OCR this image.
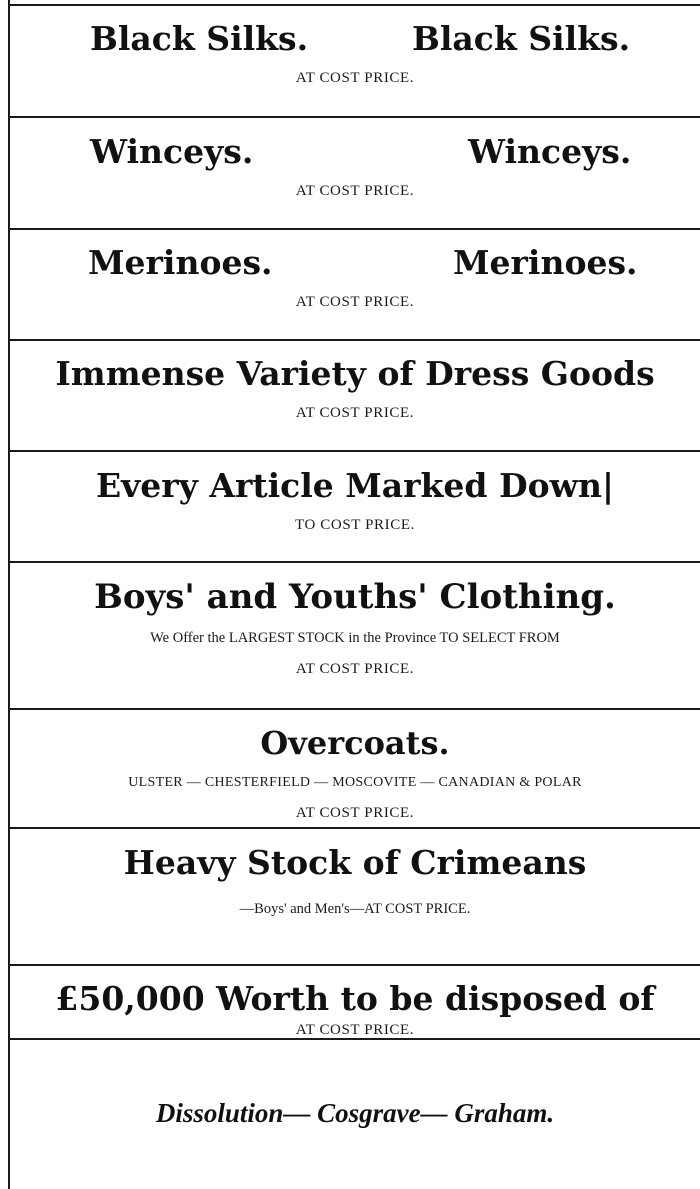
Black Silks.	Black Silks.
AT COST PRICE.
Winceys.	Winceys.
AT COST PRICE.
Merinoes.	Merinoes.
AT COST PRICE.
Immense Variety of Dress Goods
AT COST PRICE.
Every Article Marked Down|
TO COST PRICE.
Boys' and Youths' Clothing.
We Offer the LARGEST STOCK in the Province TO SELECT FROM
AT COST PRICE.
Overcoats.
ULSTER — CHESTERFIELD — MOSCOVITE — CANADIAN & POLAR
AT COST PRICE.
Heavy Stock of Crimeans
—Boys' and Men's—AT COST PRICE.
£50,000 Worth to be disposed of
AT COST PRICE.
Dissolution— Cosgrave— Graham.
